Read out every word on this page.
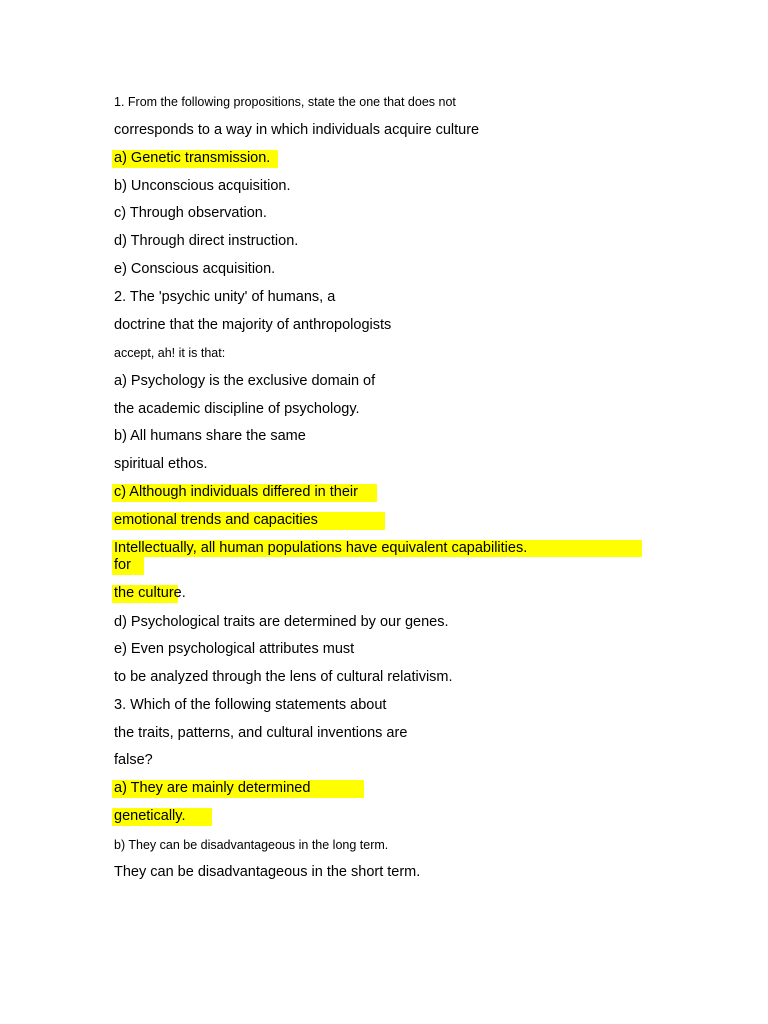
1. From the following propositions, state the one that does not
corresponds to a way in which individuals acquire culture
a) Genetic transmission.
b) Unconscious acquisition.
c) Through observation.
d) Through direct instruction.
e) Conscious acquisition.
2. The 'psychic unity' of humans, a
doctrine that the majority of anthropologists
accept, ah! it is that:
a) Psychology is the exclusive domain of
the academic discipline of psychology.
b) All humans share the same
spiritual ethos.
c) Although individuals differed in their
emotional trends and capacities
Intellectually, all human populations have equivalent capabilities.
for
the culture.
d) Psychological traits are determined by our genes.
e) Even psychological attributes must
to be analyzed through the lens of cultural relativism.
3. Which of the following statements about
the traits, patterns, and cultural inventions are
false?
a) They are mainly determined
genetically.
b) They can be disadvantageous in the long term.
They can be disadvantageous in the short term.
